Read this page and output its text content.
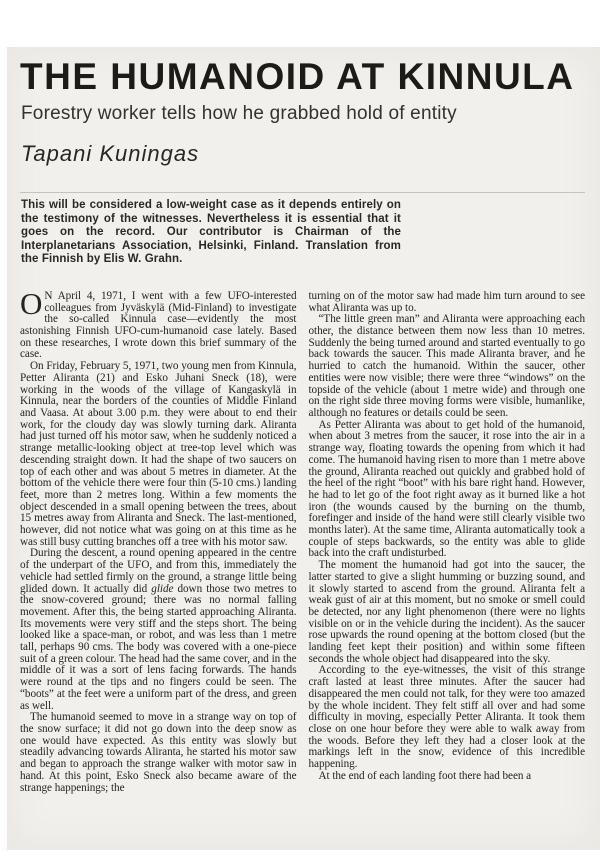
THE HUMANOID AT KINNULA
Forestry worker tells how he grabbed hold of entity
Tapani Kuningas
This will be considered a low-weight case as it depends entirely on the testimony of the witnesses. Nevertheless it is essential that it goes on the record. Our contributor is Chairman of the Interplanetarians Association, Helsinki, Finland. Translation from the Finnish by Elis W. Grahn.

O N April 4, 1971, I went with a few UFO-interested colleagues from Jyväskylä (Mid-Finland) to investigate the so-called Kinnula case—evidently the most astonishing Finnish UFO-cum-humanoid case lately. Based on these researches, I wrote down this brief summary of the case.

On Friday, February 5, 1971, two young men from Kinnula, Petter Aliranta (21) and Esko Juhani Sneck (18), were working in the woods of the village of Kangaskylä in Kinnula, near the borders of the counties of Middle Finland and Vaasa. At about 3.00 p.m. they were about to end their work, for the cloudy day was slowly turning dark. Aliranta had just turned off his motor saw, when he suddenly noticed a strange metallic-looking object at tree-top level which was descending straight down. It had the shape of two saucers on top of each other and was about 5 metres in diameter. At the bottom of the vehicle there were four thin (5-10 cms.) landing feet, more than 2 metres long. Within a few moments the object descended in a small opening between the trees, about 15 metres away from Aliranta and Sneck. The last-mentioned, however, did not notice what was going on at this time as he was still busy cutting branches off a tree with his motor saw.

During the descent, a round opening appeared in the centre of the underpart of the UFO, and from this, immediately the vehicle had settled firmly on the ground, a strange little being glided down. It actually did glide down those two metres to the snow-covered ground; there was no normal falling movement. After this, the being started approaching Aliranta. Its movements were very stiff and the steps short. The being looked like a space-man, or robot, and was less than 1 metre tall, perhaps 90 cms. The body was covered with a one-piece suit of a green colour. The head had the same cover, and in the middle of it was a sort of lens facing forwards. The hands were round at the tips and no fingers could be seen. The “boots” at the feet were a uniform part of the dress, and green as well.

The humanoid seemed to move in a strange way on top of the snow surface; it did not go down into the deep snow as one would have expected. As this entity was slowly but steadily advancing towards Aliranta, he started his motor saw and began to approach the strange walker with motor saw in hand. At this point, Esko Sneck also became aware of the strange happenings; the

turning on of the motor saw had made him turn around to see what Aliranta was up to.

“The little green man” and Aliranta were approaching each other, the distance between them now less than 10 metres. Suddenly the being turned around and started eventually to go back towards the saucer. This made Aliranta braver, and he hurried to catch the humanoid. Within the saucer, other entities were now visible; there were three “windows” on the topside of the vehicle (about 1 metre wide) and through one on the right side three moving forms were visible, humanlike, although no features or details could be seen.

As Petter Aliranta was about to get hold of the humanoid, when about 3 metres from the saucer, it rose into the air in a strange way, floating towards the opening from which it had come. The humanoid having risen to more than 1 metre above the ground, Aliranta reached out quickly and grabbed hold of the heel of the right “boot” with his bare right hand. However, he had to let go of the foot right away as it burned like a hot iron (the wounds caused by the burning on the thumb, forefinger and inside of the hand were still clearly visible two months later). At the same time, Aliranta automatically took a couple of steps backwards, so the entity was able to glide back into the craft undisturbed.

The moment the humanoid had got into the saucer, the latter started to give a slight humming or buzzing sound, and it slowly started to ascend from the ground. Aliranta felt a weak gust of air at this moment, but no smoke or smell could be detected, nor any light phenomenon (there were no lights visible on or in the vehicle during the incident). As the saucer rose upwards the round opening at the bottom closed (but the landing feet kept their position) and within some fifteen seconds the whole object had disappeared into the sky.

According to the eye-witnesses, the visit of this strange craft lasted at least three minutes. After the saucer had disappeared the men could not talk, for they were too amazed by the whole incident. They felt stiff all over and had some difficulty in moving, especially Petter Aliranta. It took them close on one hour before they were able to walk away from the woods. Before they left they had a closer look at the markings left in the snow, evidence of this incredible happening.

At the end of each landing foot there had been a
